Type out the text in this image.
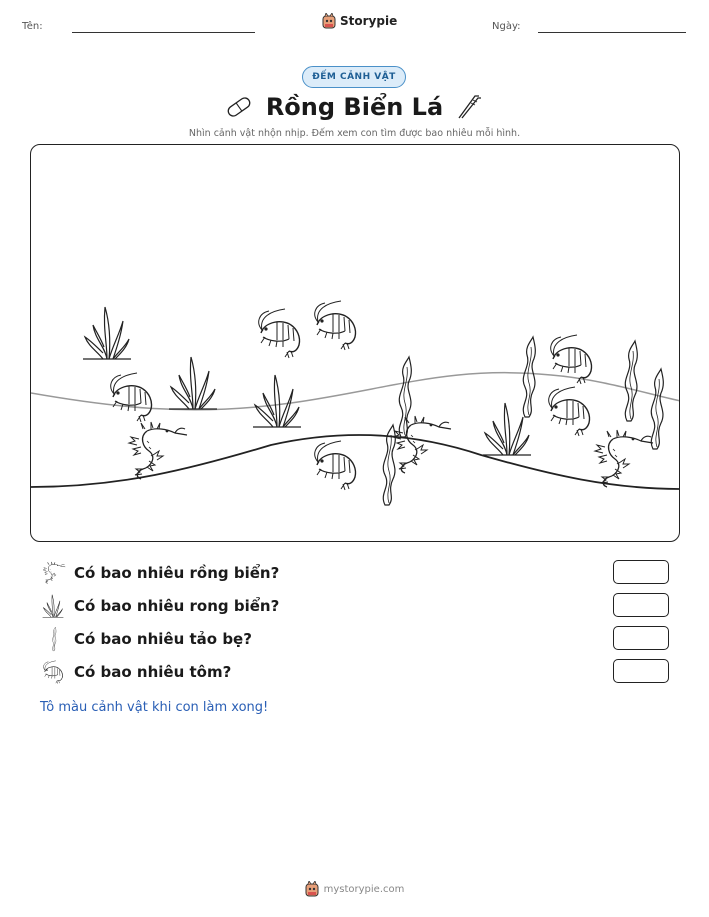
Tên:	Storypie	Ngày:
ĐẾM CẢNH VẬT
Rồng Biển Lá
Nhìn cảnh vật nhộn nhịp. Đếm xem con tìm được bao nhiêu mỗi hình.
Có bao nhiêu rồng biển?
Có bao nhiêu rong biển?
Có bao nhiêu tảo bẹ?
Có bao nhiêu tôm?
Tô màu cảnh vật khi con làm xong!
mystorypie.com
